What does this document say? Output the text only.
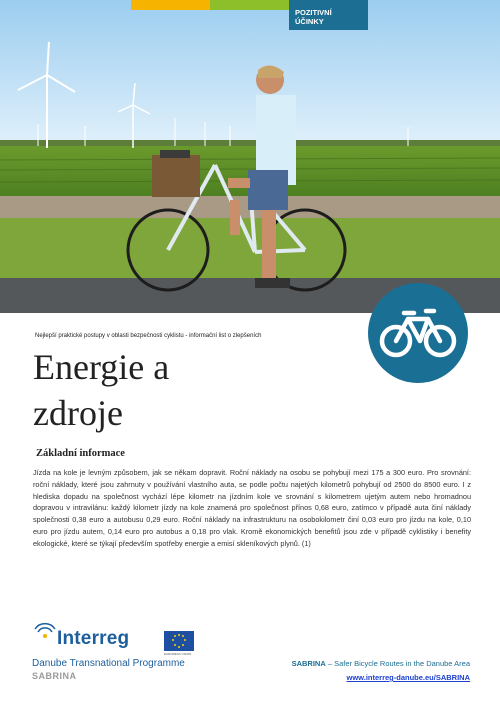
POZITIVNÍ
ÚČINKY
Nejlepší praktické postupy v oblasti bezpečnosti cyklistu - informační list o zlepšeních
Energie a
zdroje
Základní informace

Jízda na kole je levným způsobem, jak se někam dopravit. Roční náklady na osobu se pohybují mezi 175 a 300 euro. Pro srovnání: roční náklady, které jsou zahrnuty v používání vlastního auta, se podle počtu najetých kilometrů pohybují od 2500 do 8500 euro. I z hlediska dopadu na společnost vychází lépe kilometr na jízdním kole ve srovnání s kilometrem ujetým autem nebo hromadnou dopravou v intravilánu: každý kilometr jízdy na kole znamená pro společnost přínos 0,68 euro, zatímco v případě auta činí náklady společnosti 0,38 euro a autobusu 0,29 euro. Roční náklady na infrastrukturu na osobokilometr činí 0,03 euro pro jízdu na kole, 0,10 euro pro jízdu autem, 0,14 euro pro autobus a 0,18 pro vlak. Kromě ekonomických benefitů jsou zde v případě cyklistiky i benefity ekologické, které se týkají především spotřeby energie a emisí skleníkových plynů. (1)

Interreg
EUROPEAN UNION
Danube Transnational Programme
SABRINA
SABRINA – Safer Bicycle Routes in the Danube Area
www.interreg-danube.eu/SABRINA
